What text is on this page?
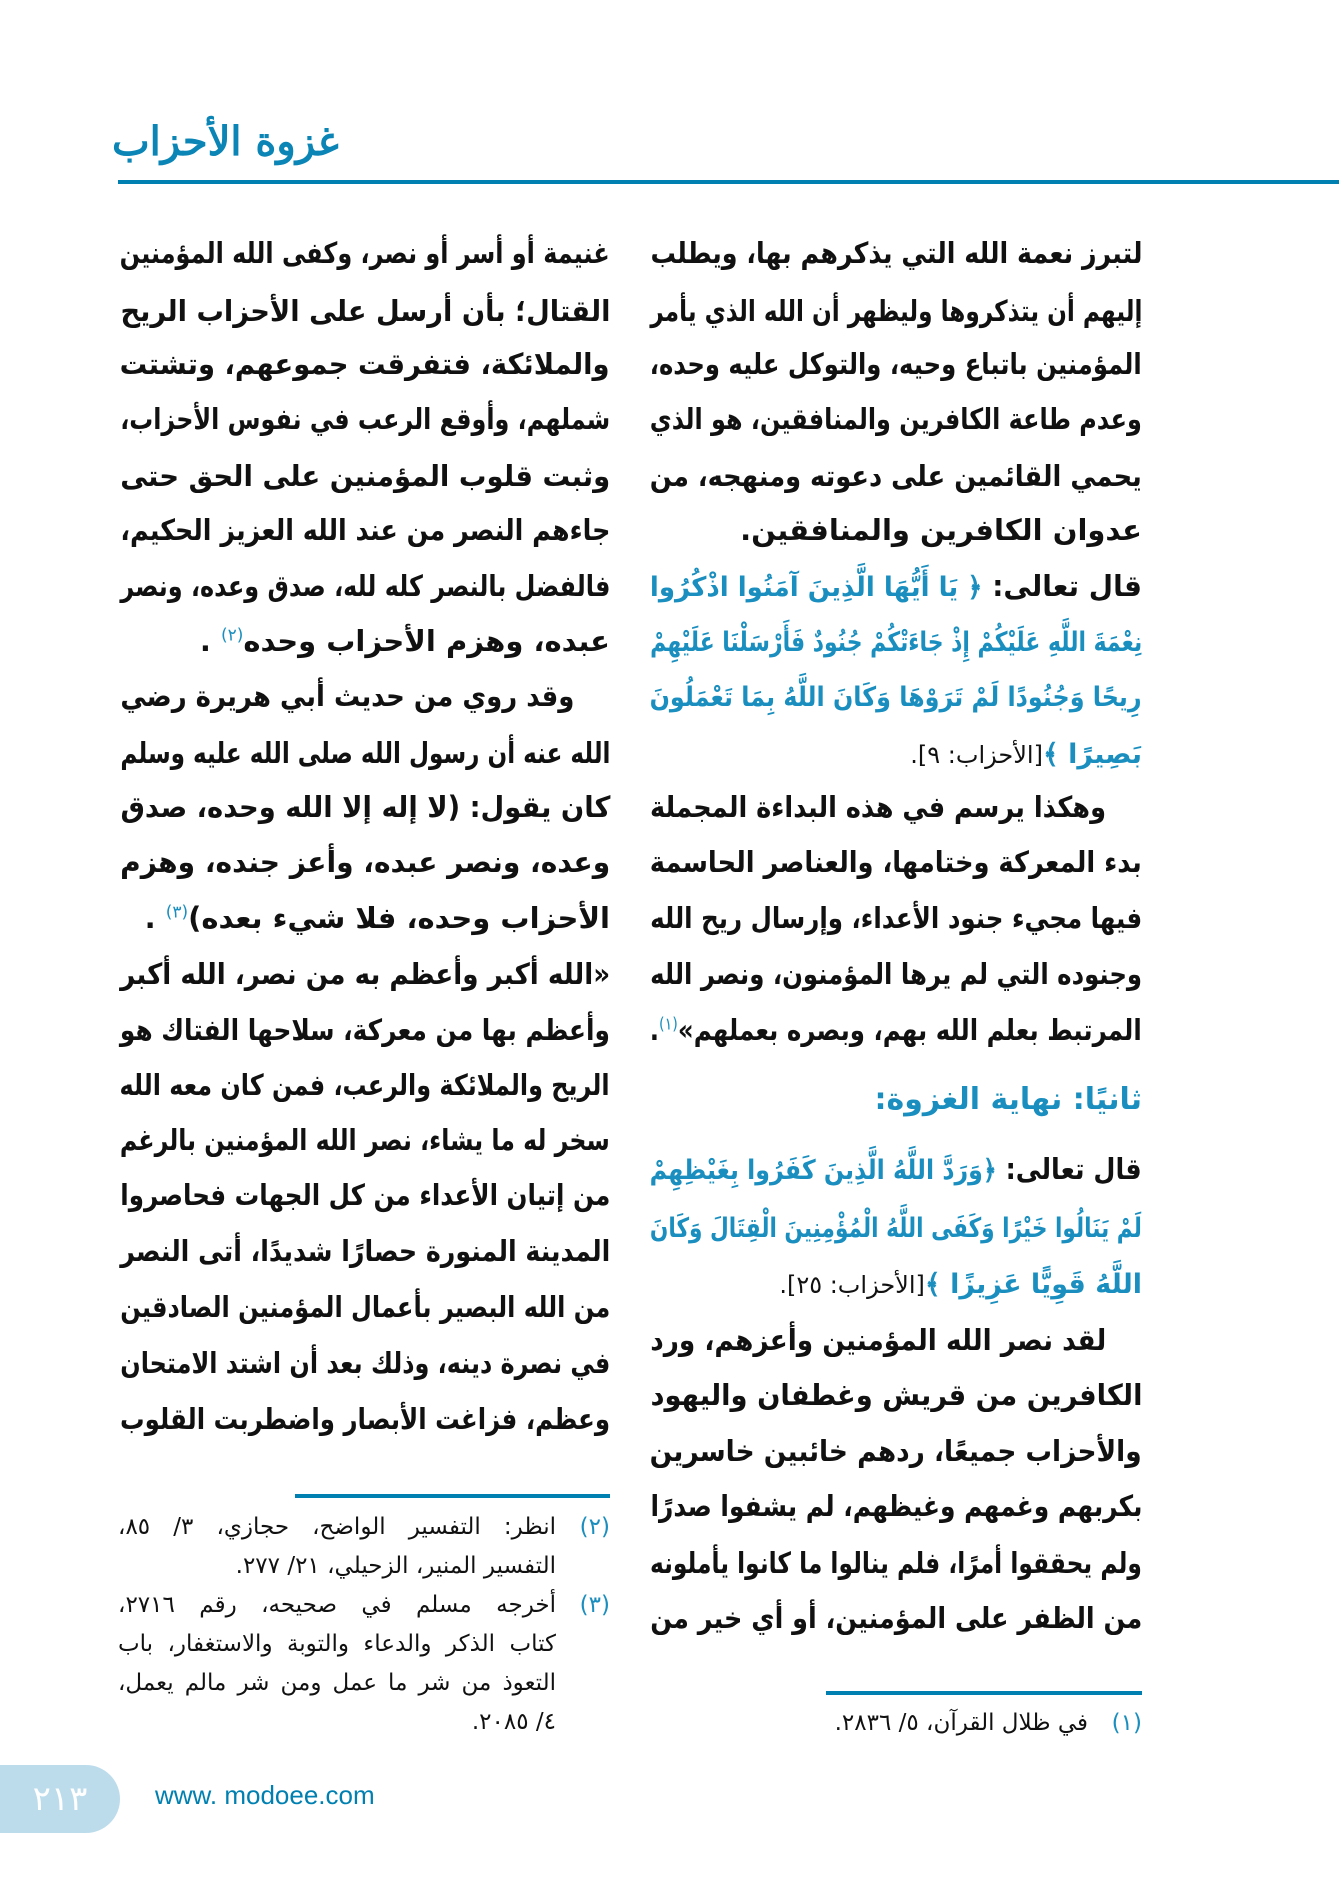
غزوة الأحزاب
لتبرز نعمة الله التي يذكرهم بها، ويطلب
إليهم أن يتذكروها وليظهر أن الله الذي يأمر
المؤمنين باتباع وحيه، والتوكل عليه وحده،
وعدم طاعة الكافرين والمنافقين، هو الذي
يحمي القائمين على دعوته ومنهجه، من
عدوان الكافرين والمنافقين.
قال تعالى: ﴿ يَا أَيُّهَا الَّذِينَ آمَنُوا اذْكُرُوا
نِعْمَةَ اللَّهِ عَلَيْكُمْ إِذْ جَاءَتْكُمْ جُنُودٌ فَأَرْسَلْنَا عَلَيْهِمْ
رِيحًا وَجُنُودًا لَمْ تَرَوْهَا وَكَانَ اللَّهُ بِمَا تَعْمَلُونَ
بَصِيرًا ﴾[الأحزاب: ٩].
وهكذا يرسم في هذه البداءة المجملة
بدء المعركة وختامها، والعناصر الحاسمة
فيها مجيء جنود الأعداء، وإرسال ريح الله
وجنوده التي لم يرها المؤمنون، ونصر الله
المرتبط بعلم الله بهم، وبصره بعملهم»$^{(١)}$.
ثانيًا: نهاية الغزوة:
قال تعالى: ﴿وَرَدَّ اللَّهُ الَّذِينَ كَفَرُوا بِغَيْظِهِمْ
لَمْ يَنَالُوا خَيْرًا وَكَفَى اللَّهُ الْمُؤْمِنِينَ الْقِتَالَ وَكَانَ
اللَّهُ قَوِيًّا عَزِيزًا ﴾[الأحزاب: ٢٥].
لقد نصر الله المؤمنين وأعزهم، ورد
الكافرين من قريش وغطفان واليهود
والأحزاب جميعًا، ردهم خائبين خاسرين
بكربهم وغمهم وغيظهم، لم يشفوا صدرًا
ولم يحققوا أمرًا، فلم ينالوا ما كانوا يأملونه
من الظفر على المؤمنين، أو أي خير من
غنيمة أو أسر أو نصر، وكفى الله المؤمنين
القتال؛ بأن أرسل على الأحزاب الريح
والملائكة، فتفرقت جموعهم، وتشتت
شملهم، وأوقع الرعب في نفوس الأحزاب،
وثبت قلوب المؤمنين على الحق حتى
جاءهم النصر من عند الله العزيز الحكيم،
فالفضل بالنصر كله لله، صدق وعده، ونصر
عبده، وهزم الأحزاب وحده$^{(٢)}$ .
وقد روي من حديث أبي هريرة رضي
الله عنه أن رسول الله صلى الله عليه وسلم
كان يقول: (لا إله إلا الله وحده، صدق
وعده، ونصر عبده، وأعز جنده، وهزم
الأحزاب وحده، فلا شيء بعده)$^{(٣)}$ .
«الله أكبر وأعظم به من نصر، الله أكبر
وأعظم بها من معركة، سلاحها الفتاك هو
الريح والملائكة والرعب، فمن كان معه الله
سخر له ما يشاء، نصر الله المؤمنين بالرغم
من إتيان الأعداء من كل الجهات فحاصروا
المدينة المنورة حصارًا شديدًا، أتى النصر
من الله البصير بأعمال المؤمنين الصادقين
في نصرة دينه، وذلك بعد أن اشتد الامتحان
وعظم، فزاغت الأبصار واضطربت القلوب
(٢)
انظر: التفسير الواضح، حجازي، ٣/ ٨٥،
التفسير المنير، الزحيلي، ٢١/ ٢٧٧.
(٣)
أخرجه مسلم في صحيحه، رقم ٢٧١٦،
كتاب الذكر والدعاء والتوبة والاستغفار، باب
التعوذ من شر ما عمل ومن شر مالم يعمل،
٤/ ٢٠٨٥.	(١)
في ظلال القرآن، ٥/ ٢٨٣٦.
٢١٣	www. modoee.com
